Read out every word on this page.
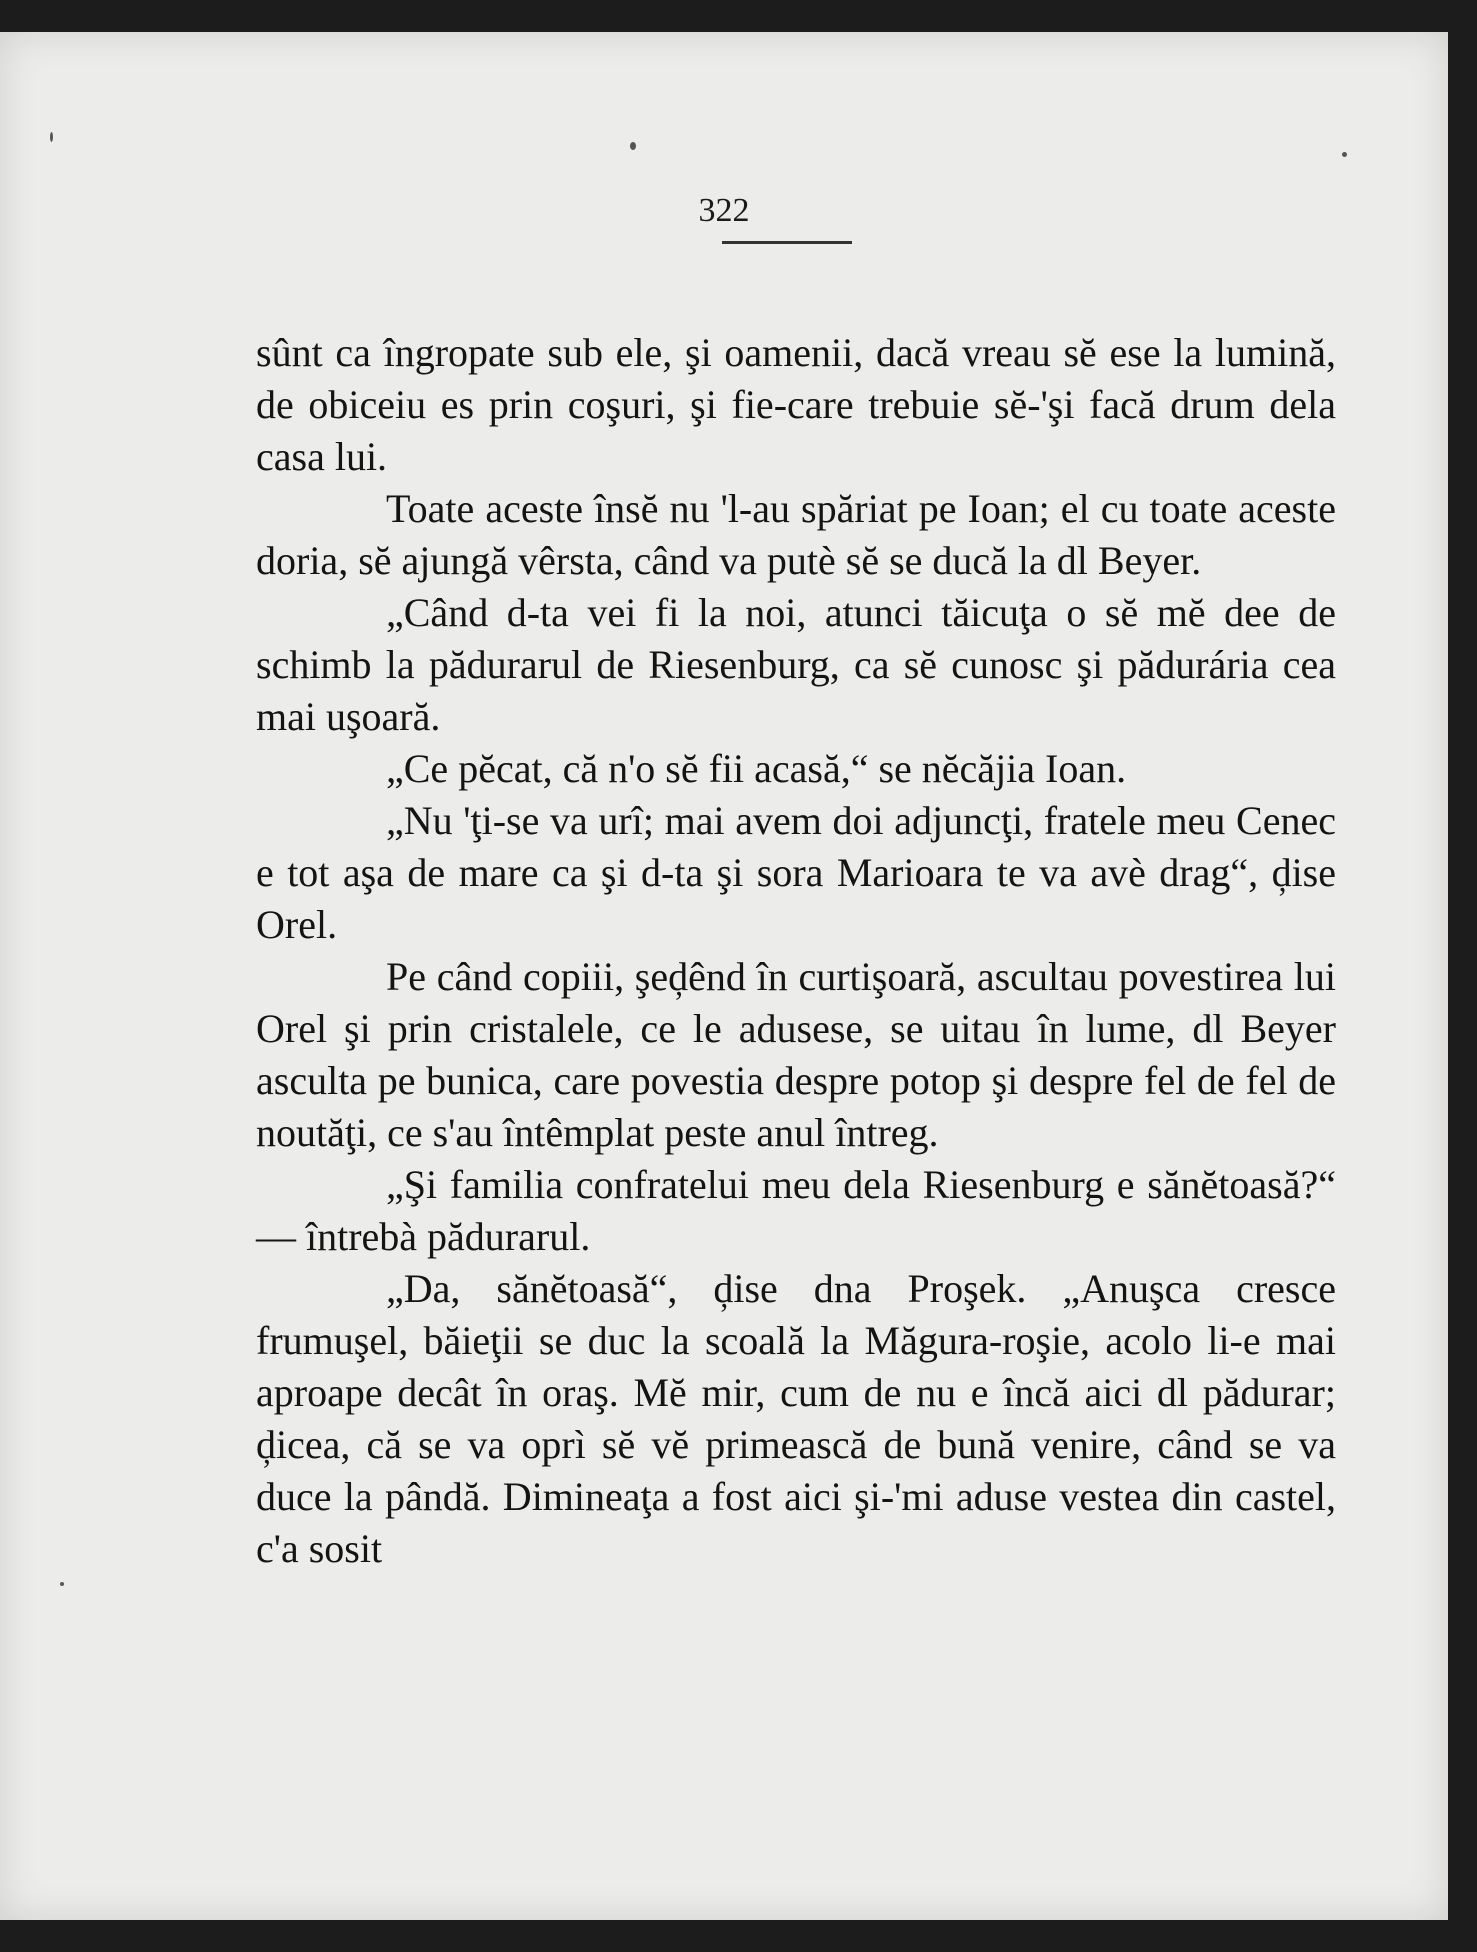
322

sûnt ca îngropate sub ele, şi oamenii, dacă vreau sĕ ese la lumină, de obiceiu es prin coşuri, şi fie-care trebuie sĕ-'şi facă drum dela casa lui.

Toate aceste însĕ nu 'l-au spăriat pe Ioan; el cu toate aceste doria, sĕ ajungă vêrsta, când va putè sĕ se ducă la dl Beyer.

„Când d-ta vei fi la noi, atunci tăicuţa o sĕ mĕ dee de schimb la pădurarul de Riesenburg, ca sĕ cunosc şi pădurária cea mai uşoară.

„Ce pĕcat, că n'o sĕ fii acasă,“ se nĕcăjia Ioan.

„Nu 'ţi-se va urî; mai avem doi adjuncţi, fratele meu Cenec e tot aşa de mare ca şi d-ta şi sora Marioara te va avè drag“, ḑise Orel.

Pe când copiii, şeḑênd în curtişoară, ascultau povestirea lui Orel şi prin cristalele, ce le adusese, se uitau în lume, dl Beyer asculta pe bunica, care povestia despre potop şi despre fel de fel de noutăţi, ce s'au întêmplat peste anul întreg.

„Şi familia confratelui meu dela Riesenburg e sănĕtoasă?“ — întrebà pădurarul.

„Da, sănĕtoasă“, ḑise dna Proşek. „Anuşca cresce frumuşel, băieţii se duc la scoală la Măgura-roşie, acolo li-e mai aproape decât în oraş. Mĕ mir, cum de nu e încă aici dl pădurar; ḑicea, că se va oprì sĕ vĕ primească de bună venire, când se va duce la pândă. Dimineaţa a fost aici şi-'mi aduse vestea din castel, c'a sosit
